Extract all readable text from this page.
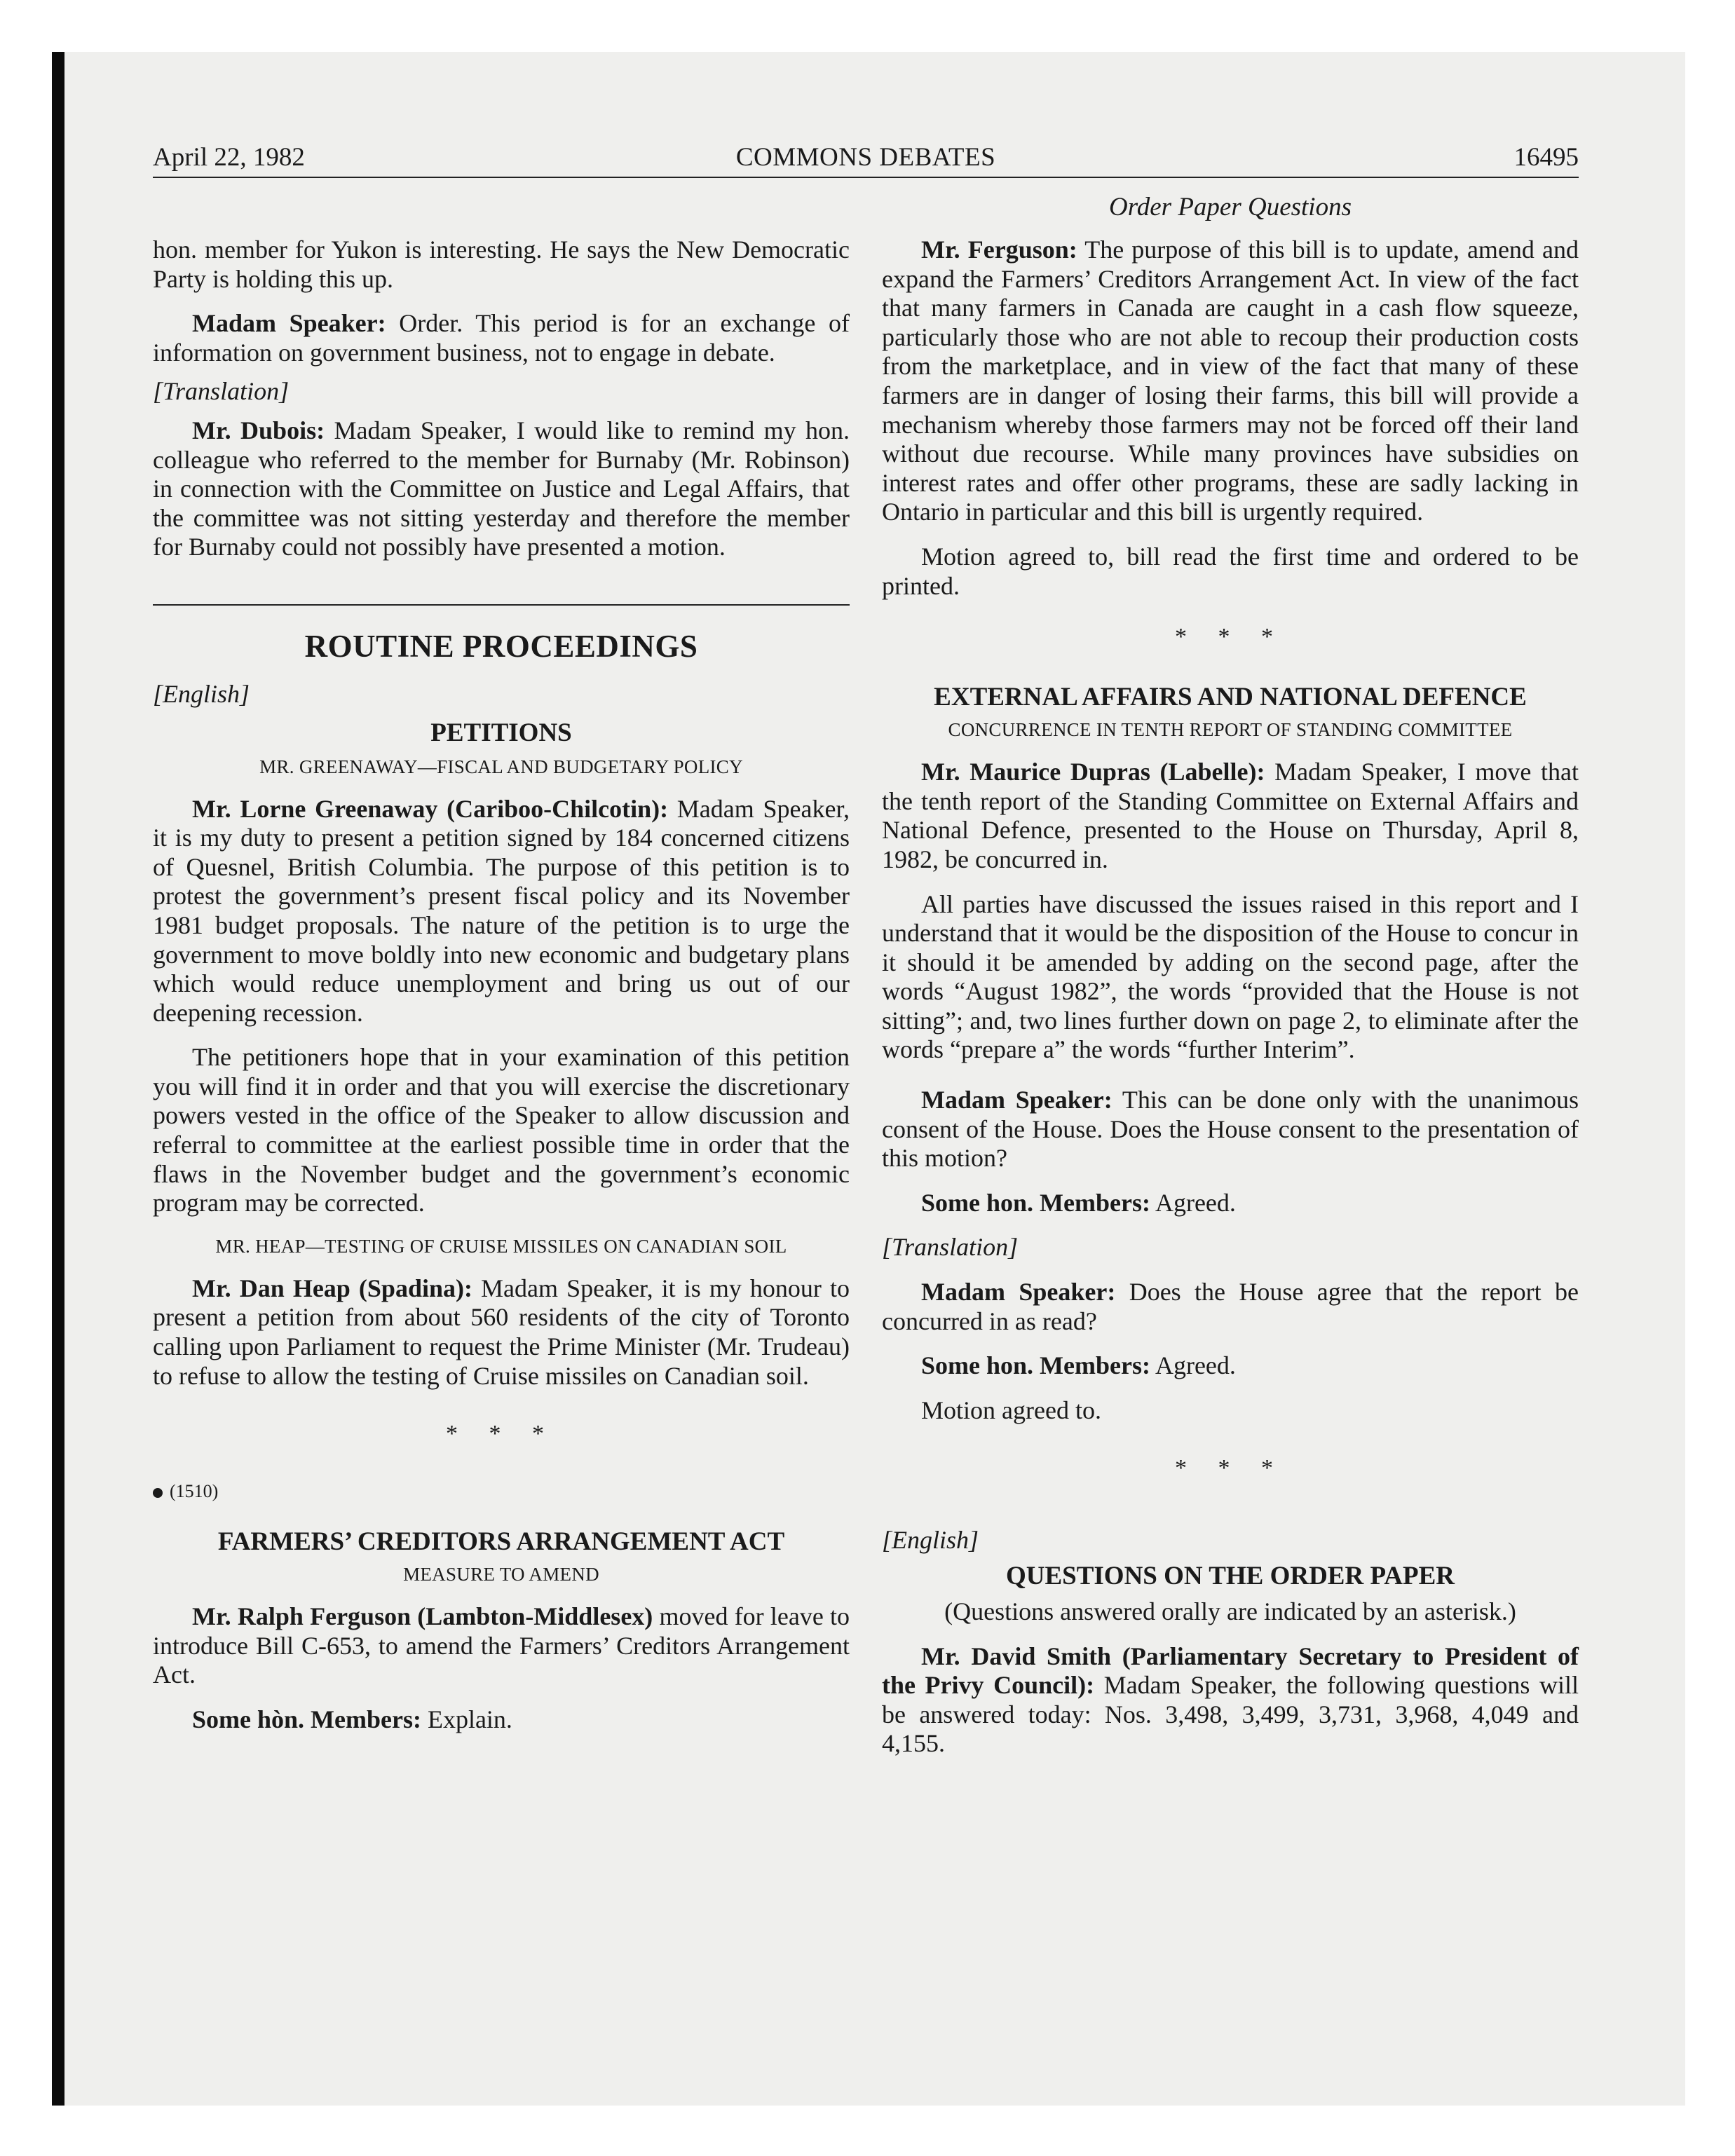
April 22, 1982	COMMONS DEBATES	16495
Order Paper Questions

hon. member for Yukon is interesting. He says the New Democratic Party is holding this up.

Madam Speaker: Order. This period is for an exchange of information on government business, not to engage in debate.

[Translation]

Mr. Dubois: Madam Speaker, I would like to remind my hon. colleague who referred to the member for Burnaby (Mr. Robinson) in connection with the Committee on Justice and Legal Affairs, that the committee was not sitting yesterday and therefore the member for Burnaby could not possibly have presented a motion.

ROUTINE PROCEEDINGS

[English]

PETITIONS
MR. GREENAWAY—FISCAL AND BUDGETARY POLICY

Mr. Lorne Greenaway (Cariboo-Chilcotin): Madam Speaker, it is my duty to present a petition signed by 184 concerned citizens of Quesnel, British Columbia. The purpose of this petition is to protest the government’s present fiscal policy and its November 1981 budget proposals. The nature of the petition is to urge the government to move boldly into new economic and budgetary plans which would reduce unemployment and bring us out of our deepening recession.

The petitioners hope that in your examination of this petition you will find it in order and that you will exercise the discretionary powers vested in the office of the Speaker to allow discussion and referral to committee at the earliest possible time in order that the flaws in the November budget and the government’s economic program may be corrected.

MR. HEAP—TESTING OF CRUISE MISSILES ON CANADIAN SOIL

Mr. Dan Heap (Spadina): Madam Speaker, it is my honour to present a petition from about 560 residents of the city of Toronto calling upon Parliament to request the Prime Minister (Mr. Trudeau) to refuse to allow the testing of Cruise missiles on Canadian soil.

* * *
(1510)
FARMERS’ CREDITORS ARRANGEMENT ACT
MEASURE TO AMEND

Mr. Ralph Ferguson (Lambton-Middlesex) moved for leave to introduce Bill C-653, to amend the Farmers’ Creditors Arrangement Act.

Some hòn. Members: Explain.

Mr. Ferguson: The purpose of this bill is to update, amend and expand the Farmers’ Creditors Arrangement Act. In view of the fact that many farmers in Canada are caught in a cash flow squeeze, particularly those who are not able to recoup their production costs from the marketplace, and in view of the fact that many of these farmers are in danger of losing their farms, this bill will provide a mechanism whereby those farmers may not be forced off their land without due recourse. While many provinces have subsidies on interest rates and offer other programs, these are sadly lacking in Ontario in particular and this bill is urgently required.

Motion agreed to, bill read the first time and ordered to be printed.

* * *
EXTERNAL AFFAIRS AND NATIONAL DEFENCE
CONCURRENCE IN TENTH REPORT OF STANDING COMMITTEE

Mr. Maurice Dupras (Labelle): Madam Speaker, I move that the tenth report of the Standing Committee on External Affairs and National Defence, presented to the House on Thursday, April 8, 1982, be concurred in.

All parties have discussed the issues raised in this report and I understand that it would be the disposition of the House to concur in it should it be amended by adding on the second page, after the words “August 1982”, the words “provided that the House is not sitting”; and, two lines further down on page 2, to eliminate after the words “prepare a” the words “further Interim”.

Madam Speaker: This can be done only with the unanimous consent of the House. Does the House consent to the presentation of this motion?

Some hon. Members: Agreed.

[Translation]

Madam Speaker: Does the House agree that the report be concurred in as read?

Some hon. Members: Agreed.

Motion agreed to.

* * *

[English]

QUESTIONS ON THE ORDER PAPER

(Questions answered orally are indicated by an asterisk.)

Mr. David Smith (Parliamentary Secretary to President of the Privy Council): Madam Speaker, the following questions will be answered today: Nos. 3,498, 3,499, 3,731, 3,968, 4,049 and 4,155.
